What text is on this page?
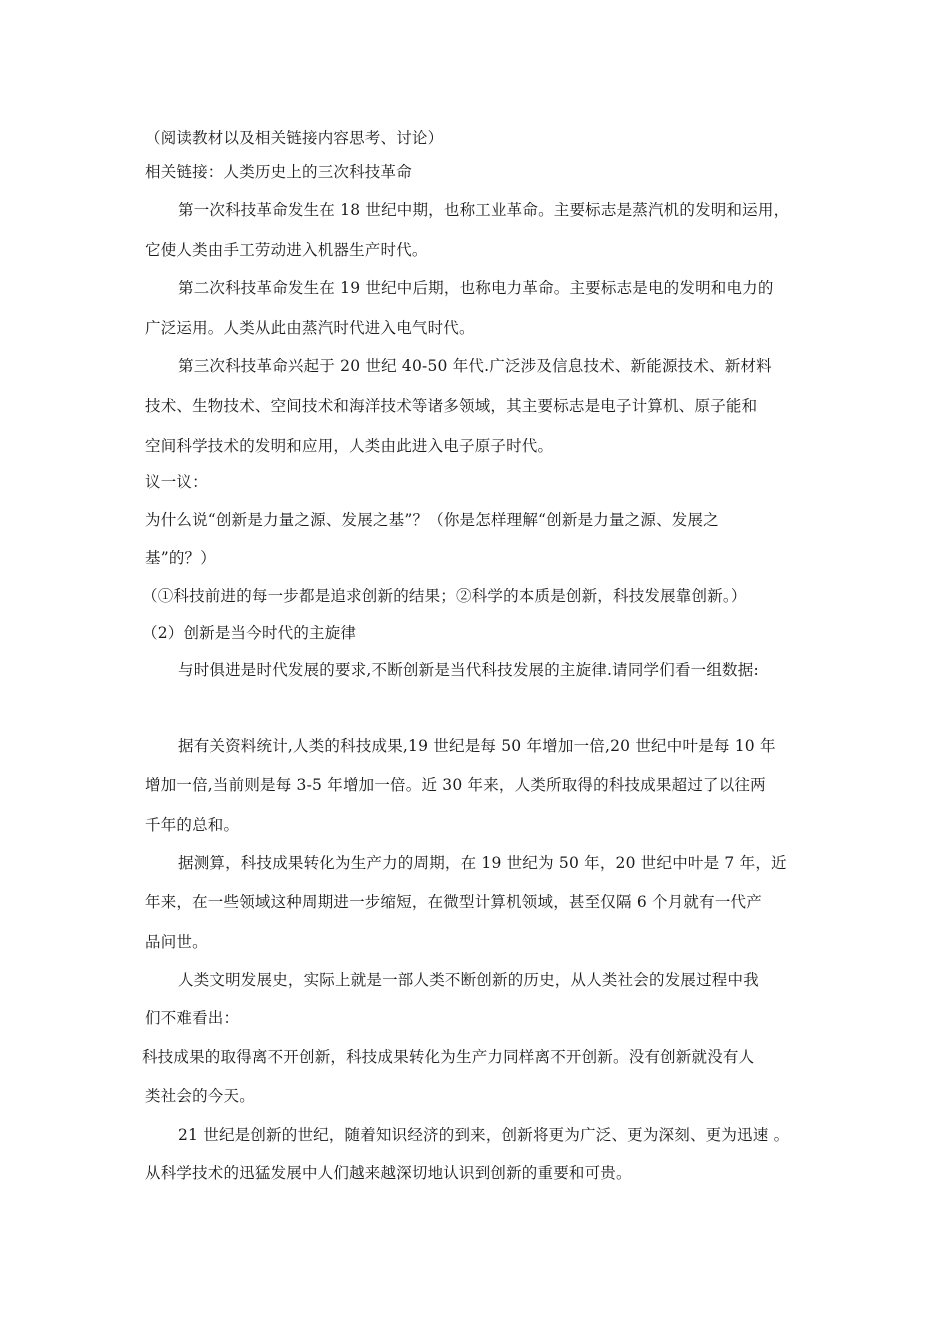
（阅读教材以及相关链接内容思考、讨论）
相关链接：人类历史上的三次科技革命
第一次科技革命发生在 18 世纪中期，也称工业革命。主要标志是蒸汽机的发明和运用，
它使人类由手工劳动进入机器生产时代。
第二次科技革命发生在 19 世纪中后期，也称电力革命。主要标志是电的发明和电力的
广泛运用。人类从此由蒸汽时代进入电气时代。
第三次科技革命兴起于 20 世纪 40-50 年代.广泛涉及信息技术、新能源技术、新材料
技术、生物技术、空间技术和海洋技术等诸多领域，其主要标志是电子计算机、原子能和
空间科学技术的发明和应用，人类由此进入电子原子时代。
议一议：
为什么说“创新是力量之源、发展之基”？（你是怎样理解“创新是力量之源、发展之
基”的？）
（①科技前进的每一步都是追求创新的结果；②科学的本质是创新，科技发展靠创新。）
（2）创新是当今时代的主旋律
与时俱进是时代发展的要求,不断创新是当代科技发展的主旋律.请同学们看一组数据:
据有关资料统计,人类的科技成果,19 世纪是每 50 年增加一倍,20 世纪中叶是每 10 年
增加一倍,当前则是每 3-5 年增加一倍。近 30 年来，人类所取得的科技成果超过了以往两
千年的总和。
据测算，科技成果转化为生产力的周期，在 19 世纪为 50 年，20 世纪中叶是 7 年，近
年来，在一些领域这种周期进一步缩短，在微型计算机领域，甚至仅隔 6 个月就有一代产
品问世。
人类文明发展史，实际上就是一部人类不断创新的历史，从人类社会的发展过程中我
们不难看出：
科技成果的取得离不开创新，科技成果转化为生产力同样离不开创新。没有创新就没有人
类社会的今天。
21 世纪是创新的世纪，随着知识经济的到来，创新将更为广泛、更为深刻、更为迅速 。
从科学技术的迅猛发展中人们越来越深切地认识到创新的重要和可贵。
